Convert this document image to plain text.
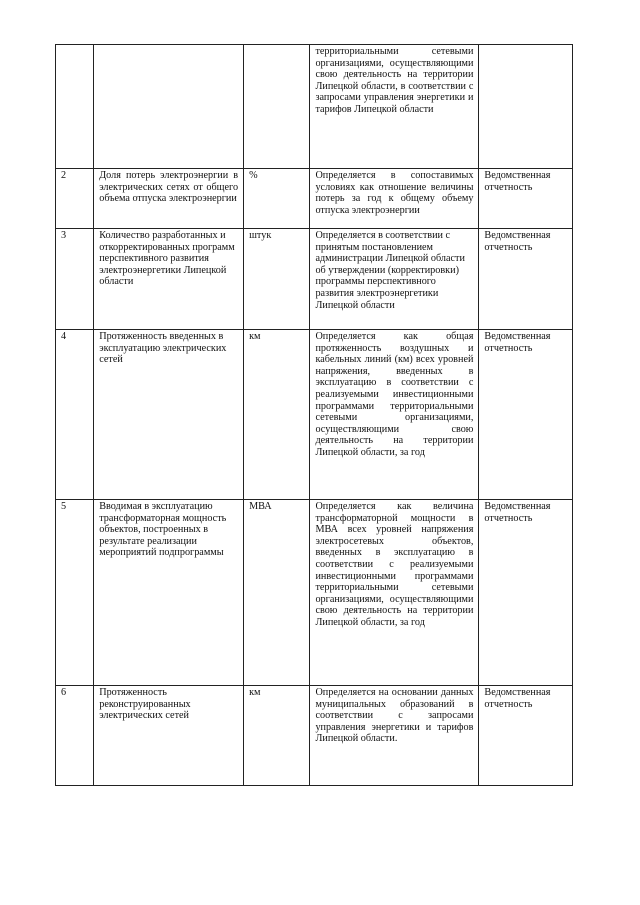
			территориальными сетевыми организациями, осуществляющими свою деятельность на территории Липецкой области, в соответствии с запросами управления энергетики и тарифов Липецкой области	
2	Доля потерь электроэнергии в электрических сетях от общего объема отпуска электроэнергии	%	Определяется в сопоставимых условиях как отношение величины потерь за год к общему объему отпуска электроэнергии	Ведомственная отчетность
3	Количество разработанных и откорректированных программ перспективного развития электроэнергетики Липецкой области	штук	Определяется в соответствии с принятым постановлением администрации Липецкой области об утверждении (корректировки) программы перспективного развития электроэнергетики Липецкой области	Ведомственная отчетность
4	Протяженность введенных в эксплуатацию электрических сетей	км	Определяется как общая протяженность воздушных и кабельных линий (км) всех уровней напряжения, введенных в эксплуатацию в соответствии с реализуемыми инвестиционными программами территориальными сетевыми организациями, осуществляющими свою деятельность на территории Липецкой области, за год	Ведомственная отчетность
5	Вводимая в эксплуатацию трансформаторная мощность объектов, построенных в результате реализации мероприятий подпрограммы	МВА	Определяется как величина трансформаторной мощности в МВА всех уровней напряжения электросетевых объектов, введенных в эксплуатацию в соответствии с реализуемыми инвестиционными программами территориальными сетевыми организациями, осуществляющими свою деятельность на территории Липецкой области, за год	Ведомственная отчетность
6	Протяженность реконструированных электрических сетей	км	Определяется на основании данных муниципальных образований в соответствии с запросами управления энергетики и тарифов Липецкой области.	Ведомственная отчетность
